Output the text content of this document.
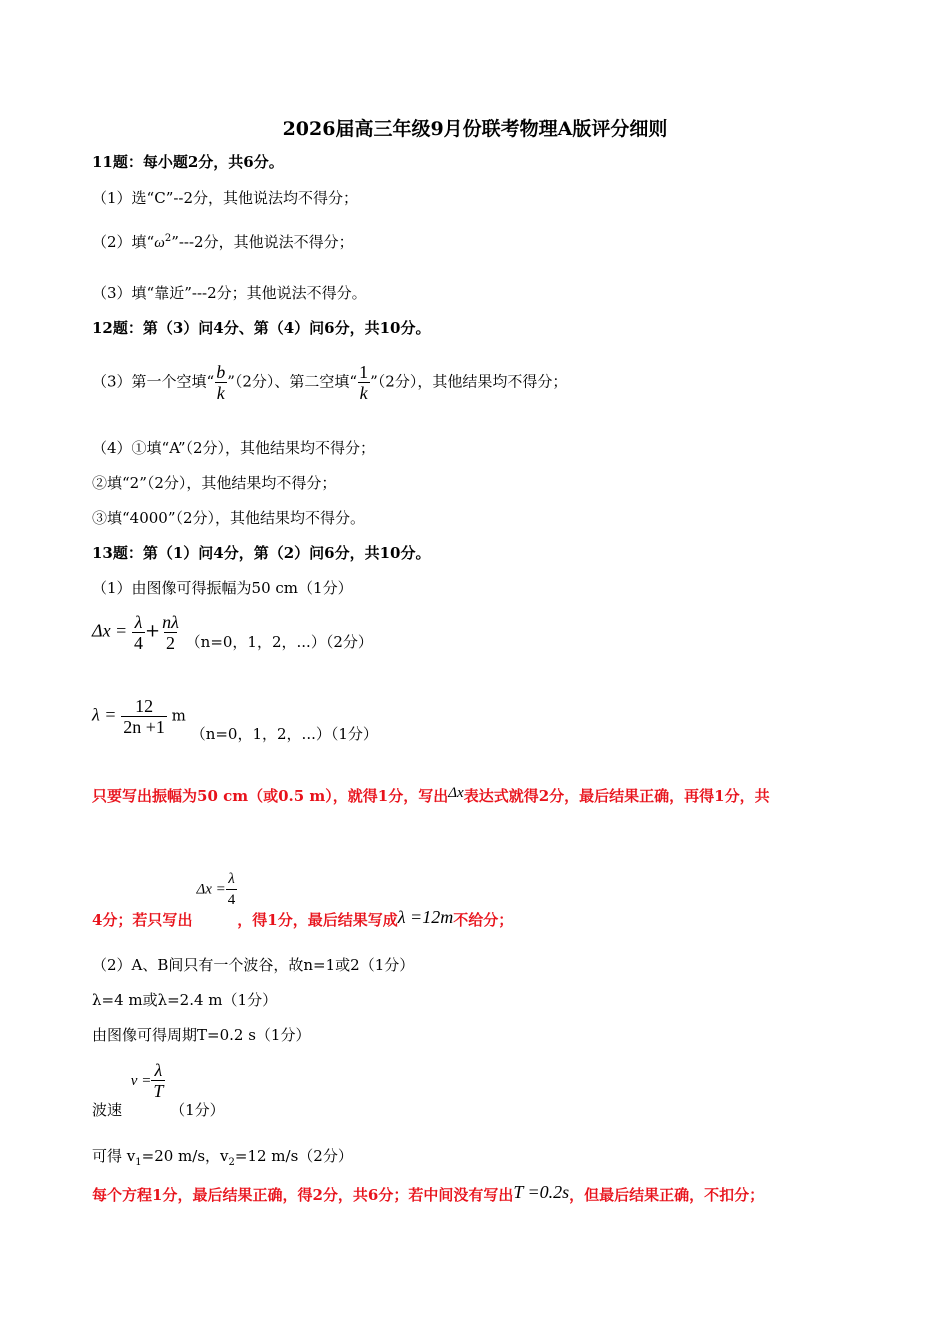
2026届高三年级9月份联考物理A版评分细则
11题：每小题2分，共6分。
（1）选“C”--2分，其他说法均不得分；
（2）填“$\omega^2”---2$分，其他说法不得分；
（3）填“靠近”---2分；其他说法不得分。
12题：第（3）问4分、第（4）问6分，共10分。
（3）第一个空填“ $\frac{b}{k}$ ”（2分）、第二空填“ $\frac{1}{k}$ ”（2分），其他结果均不得分；
（4）①填“A”（2分），其他结果均不得分；
②填“2”（2分），其他结果均不得分；
③填“4000”（2分），其他结果均不得分。
13题：第（1）问4分，第（2）问6分，共10分。
（1）由图像可得振幅为50 cm（1分）
$\Delta x = \frac{\lambda}{4} + \frac{n\lambda}{2} (n=0$，1，2，...）（2分）
$\lambda = \frac{12}{2n +1}$ m （n=0，1，2，...）（1分）
只要写出振幅为50 cm（或0.5 m），就得1分，写出Δx表达式就得2分，最后结果正确，再得1分，共
4分；若只写出$\Delta x = \frac{\lambda}{4}$
，得1分，最后结果写成λ =12m不给分；
（2）A、B间只有一个波谷，故n=1或2（1分）
λ=4 m或λ=2.4 m（1分）
由图像可得周期T=0.2 s（1分）
波速 $v = \frac{\lambda}{T}$
（1分）
可得 $v_1=20$ m/s，$v_2=12$ m/s（2分）
每个方程1分，最后结果正确，得2分，共6分；若中间没有写出T =0.2s，但最后结果正确，不扣分；
